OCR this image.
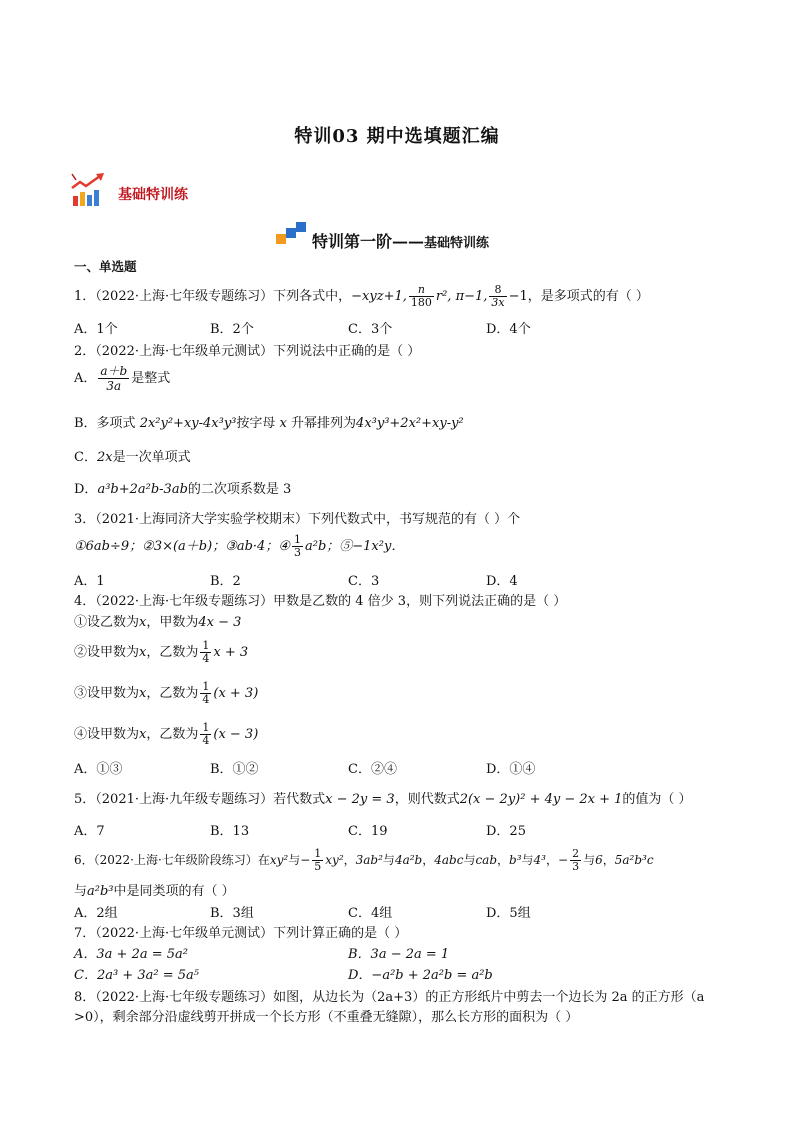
特训03 期中选填题汇编
基础特训练
特训第一阶——基础特训练
一、单选题
1．（2022·上海·七年级专题练习）下列各式中，−xyz+1, $\frac{n}{180} r^2$, π−1, $\frac{8}{3x} -1$，是多项式的有（ ）
A．1个	B．2个	C．3个	D．4个
2．（2022·上海·七年级单元测试）下列说法中正确的是（ ）
A． $\frac{a+b}{3a}$ 是整式
B．多项式 2x²y²+xy-4x³y³按字母 x 升幂排列为4x³y³+2x²+xy-y²
C．2x是一次单项式
D．a³b+2a²b-3ab的二次项系数是 3
3．（2021·上海同济大学实验学校期末）下列代数式中，书写规范的有（ ）个
①6ab÷9；②3×(a＋b)；③ab·4；④ $\frac{1}{3} a^2b$；⑤−1x²y．
A．1	B．2	C．3	D．4
4．（2022·上海·七年级专题练习）甲数是乙数的 4 倍少 3，则下列说法正确的是（ ）
①设乙数为x，甲数为4x − 3
②设甲数为x，乙数为 $\frac{1}{4}$ x + 3
③设甲数为x，乙数为 $\frac{1}{4} (x + 3)$
④设甲数为x，乙数为 $\frac{1}{4} (x - 3)$
A．①③	B．①②	C．②④	D．①④
5．（2021·上海·九年级专题练习）若代数式x − 2y = 3，则代数式2(x − 2y)² + 4y − 2x + 1的值为（ ）
A．7	B．13	C．19	D．25
6．（2022·上海·七年级阶段练习）在xy²与− $\frac{1}{5} xy^2$，3ab²与4a²b，4abc与cab，b³与4³，− $\frac{2}{3}$ 与6，5a²b³c
与a²b³中是同类项的有（ ）
A．2组	B．3组	C．4组	D．5组
7．（2022·上海·七年级单元测试）下列计算正确的是（ ）
A．3a + 2a = 5a²	B．3a − 2a = 1
C．2a³ + 3a² = 5a⁵	D．−a²b + 2a²b = a²b
8．（2022·上海·七年级专题练习）如图，从边长为（2a+3）的正方形纸片中剪去一个边长为 2a 的正方形（a
>0），剩余部分沿虚线剪开拼成一个长方形（不重叠无缝隙），那么长方形的面积为（ ）
